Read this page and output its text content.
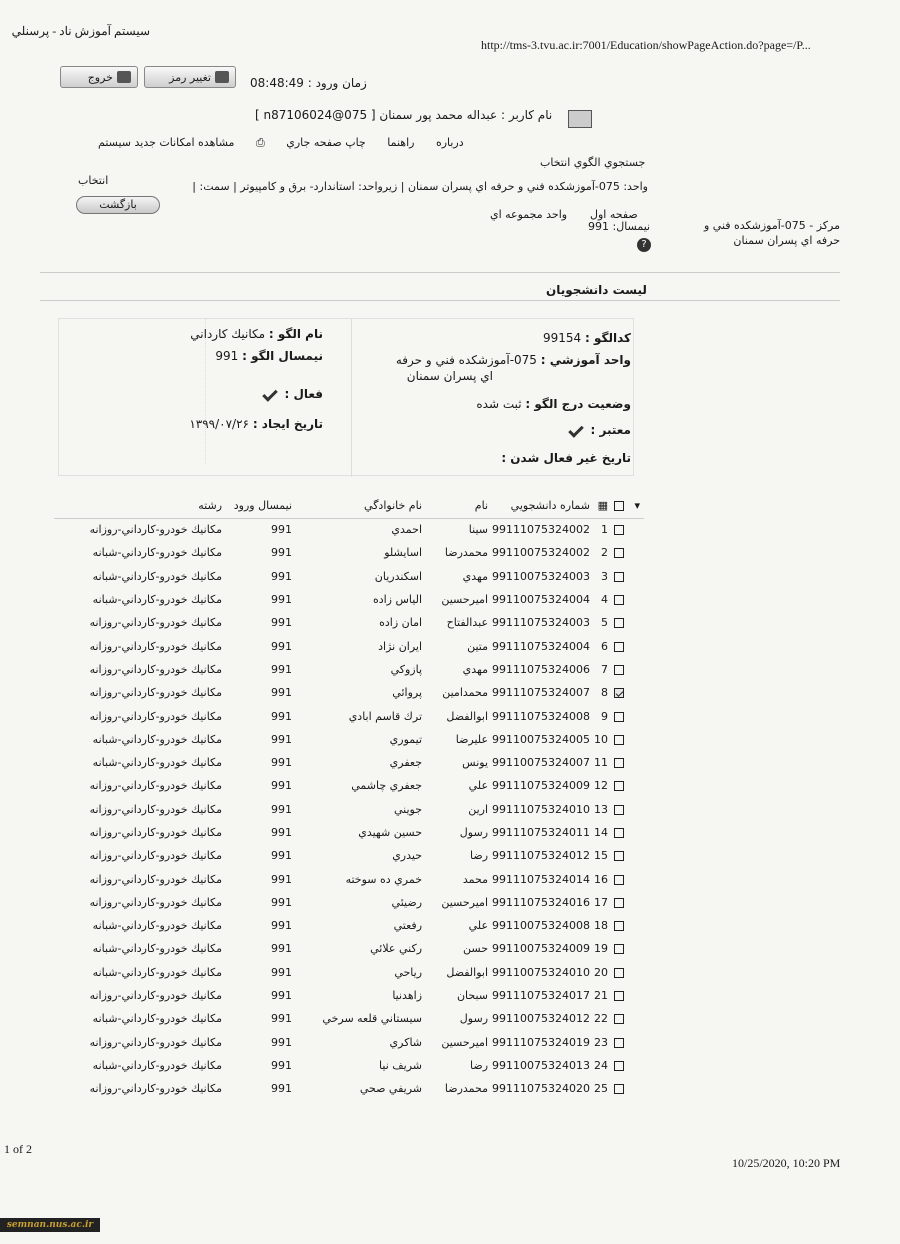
سيستم آموزش ناد - پرسنلي
http://tms-3.tvu.ac.ir:7001/Education/showPageAction.do?page=/P...
خروج	تغيير رمز	زمان ورود : 08:48:49
نام كاربر : عبداله محمد پور سمنان [ n87106024@075 ]
درباره راهنما چاپ صفحه جاري ⎙ مشاهده امكانات جديد سيستم
جستجوي الگوي انتخاب
واحد: 075-آموزشكده فني و حرفه اي پسران سمنان | زيرواحد: استاندارد- برق و كامپيوتر | سمت: |
انتخاب
بازگشت
صفحه اول
واحد مجموعه اي
نيمسال: 991	مركز - 075-آموزشكده فني و حرفه اي پسران سمنان
?
ليست دانشجويان
كدالگو : 99154
واحد آموزشي : 075-آموزشكده فني و حرفه
اي پسران سمنان
وضعيت درج الگو : ثبت شده
معتبر :
تاريخ غير فعال شدن :
نام الگو : مكانيك كارداني
نيمسال الگو : 991
فعال :
تاريخ ايجاد : ۱۳۹۹/۰۷/۲۶
▾		▦	شماره دانشجويي	نام	نام خانوادگي	نيمسال ورود	رشته
		1	99111075324002	سينا	احمدي	991	مكانيك خودرو-كارداني-روزانه
		2	99110075324002	محمدرضا	اسايشلو	991	مكانيك خودرو-كارداني-شبانه
		3	99110075324003	مهدي	اسكندريان	991	مكانيك خودرو-كارداني-شبانه
		4	99110075324004	اميرحسين	الياس زاده	991	مكانيك خودرو-كارداني-شبانه
		5	99111075324003	عبدالفتاح	امان زاده	991	مكانيك خودرو-كارداني-روزانه
		6	99111075324004	متين	ايران نژاد	991	مكانيك خودرو-كارداني-روزانه
		7	99111075324006	مهدي	پازوكي	991	مكانيك خودرو-كارداني-روزانه
		8	99111075324007	محمدامين	پروائي	991	مكانيك خودرو-كارداني-روزانه
		9	99111075324008	ابوالفضل	ترك قاسم ابادي	991	مكانيك خودرو-كارداني-روزانه
		10	99110075324005	عليرضا	تيموري	991	مكانيك خودرو-كارداني-شبانه
		11	99110075324007	يونس	جعفري	991	مكانيك خودرو-كارداني-شبانه
		12	99111075324009	علي	جعفري چاشمي	991	مكانيك خودرو-كارداني-روزانه
		13	99111075324010	ارين	جويني	991	مكانيك خودرو-كارداني-روزانه
		14	99111075324011	رسول	حسين شهيدي	991	مكانيك خودرو-كارداني-روزانه
		15	99111075324012	رضا	حيدري	991	مكانيك خودرو-كارداني-روزانه
		16	99111075324014	محمد	خمري ده سوخته	991	مكانيك خودرو-كارداني-روزانه
		17	99111075324016	اميرحسين	رضيئي	991	مكانيك خودرو-كارداني-روزانه
		18	99110075324008	علي	رفعتي	991	مكانيك خودرو-كارداني-شبانه
		19	99110075324009	حسن	ركني علائي	991	مكانيك خودرو-كارداني-شبانه
		20	99110075324010	ابوالفضل	رياحي	991	مكانيك خودرو-كارداني-شبانه
		21	99111075324017	سبحان	زاهدنيا	991	مكانيك خودرو-كارداني-روزانه
		22	99110075324012	رسول	سيستاني قلعه سرخي	991	مكانيك خودرو-كارداني-شبانه
		23	99111075324019	اميرحسين	شاكري	991	مكانيك خودرو-كارداني-روزانه
		24	99110075324013	رضا	شريف نيا	991	مكانيك خودرو-كارداني-شبانه
		25	99111075324020	محمدرضا	شريفي صحي	991	مكانيك خودرو-كارداني-روزانه
1 of 2
10/25/2020, 10:20 PM
semnan.nus.ac.ir
